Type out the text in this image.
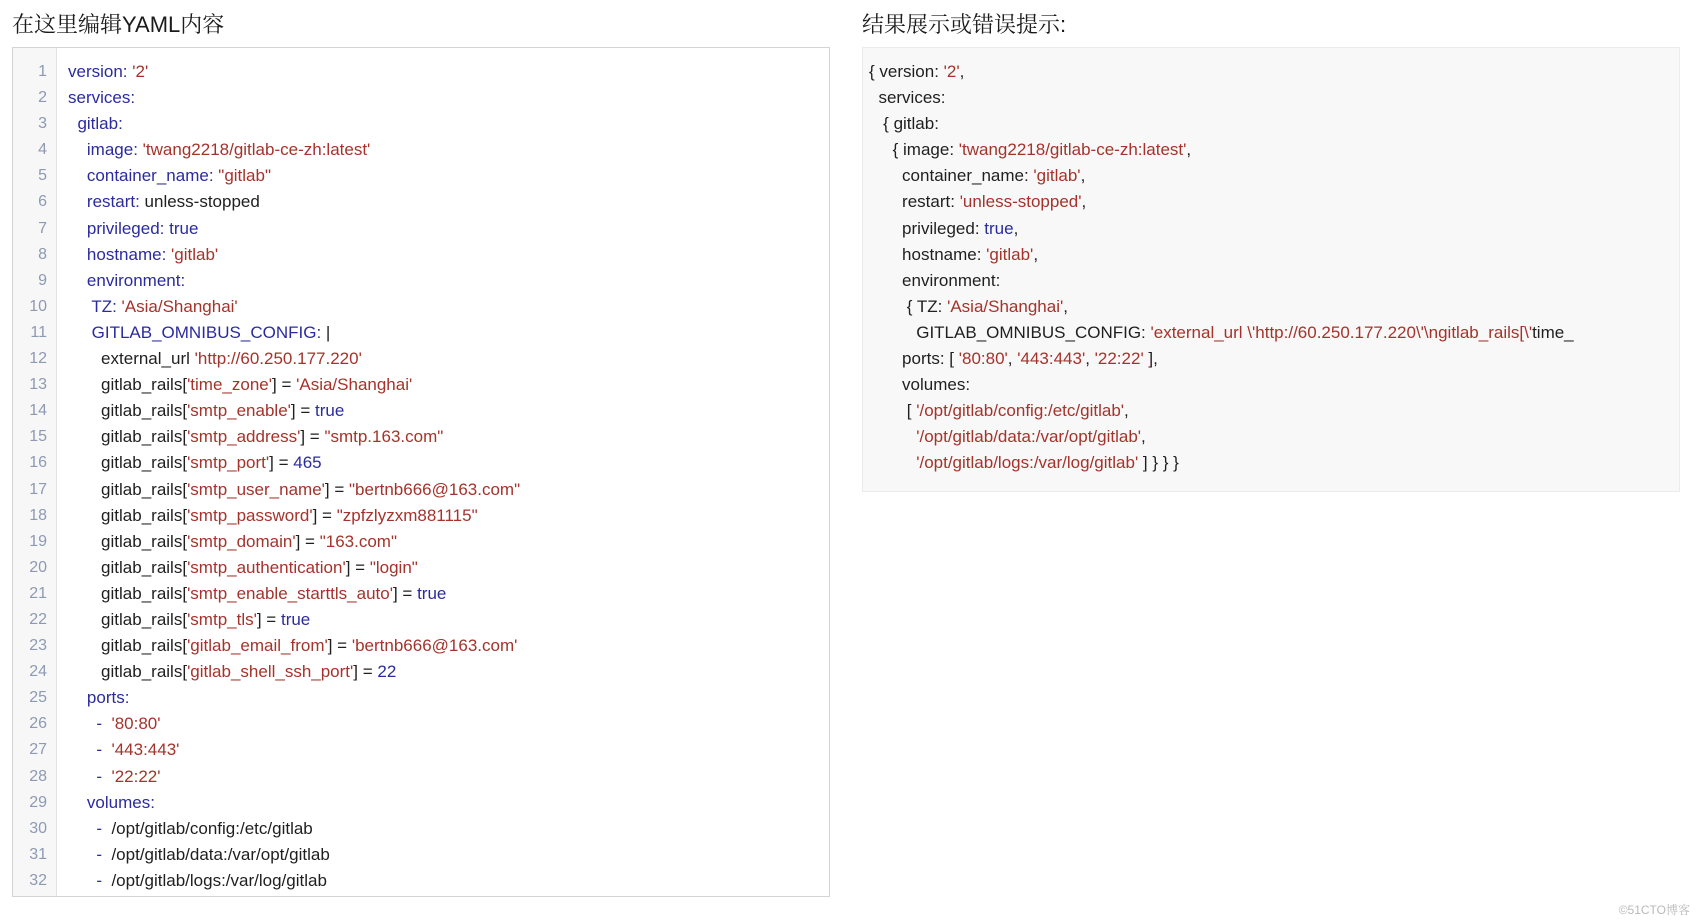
在这里编辑YAML内容
1
2
3
4
5
6
7
8
9
10
11
12
13
14
15
16
17
18
19
20
21
22
23
24
25
26
27
28
29
30
31
32
version: '2'
services:
gitlab:
image: 'twang2218/gitlab-ce-zh:latest'
container_name: "gitlab"
restart: unless-stopped
privileged: true
hostname: 'gitlab'
environment:
TZ: 'Asia/Shanghai'
GITLAB_OMNIBUS_CONFIG: |
external_url 'http://60.250.177.220'
gitlab_rails['time_zone'] = 'Asia/Shanghai'
gitlab_rails['smtp_enable'] = true
gitlab_rails['smtp_address'] = "smtp.163.com"
gitlab_rails['smtp_port'] = 465
gitlab_rails['smtp_user_name'] = "bertnb666@163.com"
gitlab_rails['smtp_password'] = "zpfzlyzxm881115"
gitlab_rails['smtp_domain'] = "163.com"
gitlab_rails['smtp_authentication'] = "login"
gitlab_rails['smtp_enable_starttls_auto'] = true
gitlab_rails['smtp_tls'] = true
gitlab_rails['gitlab_email_from'] = 'bertnb666@163.com'
gitlab_rails['gitlab_shell_ssh_port'] = 22
ports:
-  '80:80'
-  '443:443'
-  '22:22'
volumes:
-  /opt/gitlab/config:/etc/gitlab
-  /opt/gitlab/data:/var/opt/gitlab
-  /opt/gitlab/logs:/var/log/gitlab
结果展示或错误提示:
{ version: '2',
services:
{ gitlab:
{ image: 'twang2218/gitlab-ce-zh:latest',
container_name: 'gitlab',
restart: 'unless-stopped',
privileged: true,
hostname: 'gitlab',
environment:
{ TZ: 'Asia/Shanghai',
GITLAB_OMNIBUS_CONFIG: 'external_url \'http://60.250.177.220\'\ngitlab_rails[\'time_
ports: [ '80:80', '443:443', '22:22' ],
volumes:
[ '/opt/gitlab/config:/etc/gitlab',
'/opt/gitlab/data:/var/opt/gitlab',
'/opt/gitlab/logs:/var/log/gitlab' ] } } }
©51CTO博客
